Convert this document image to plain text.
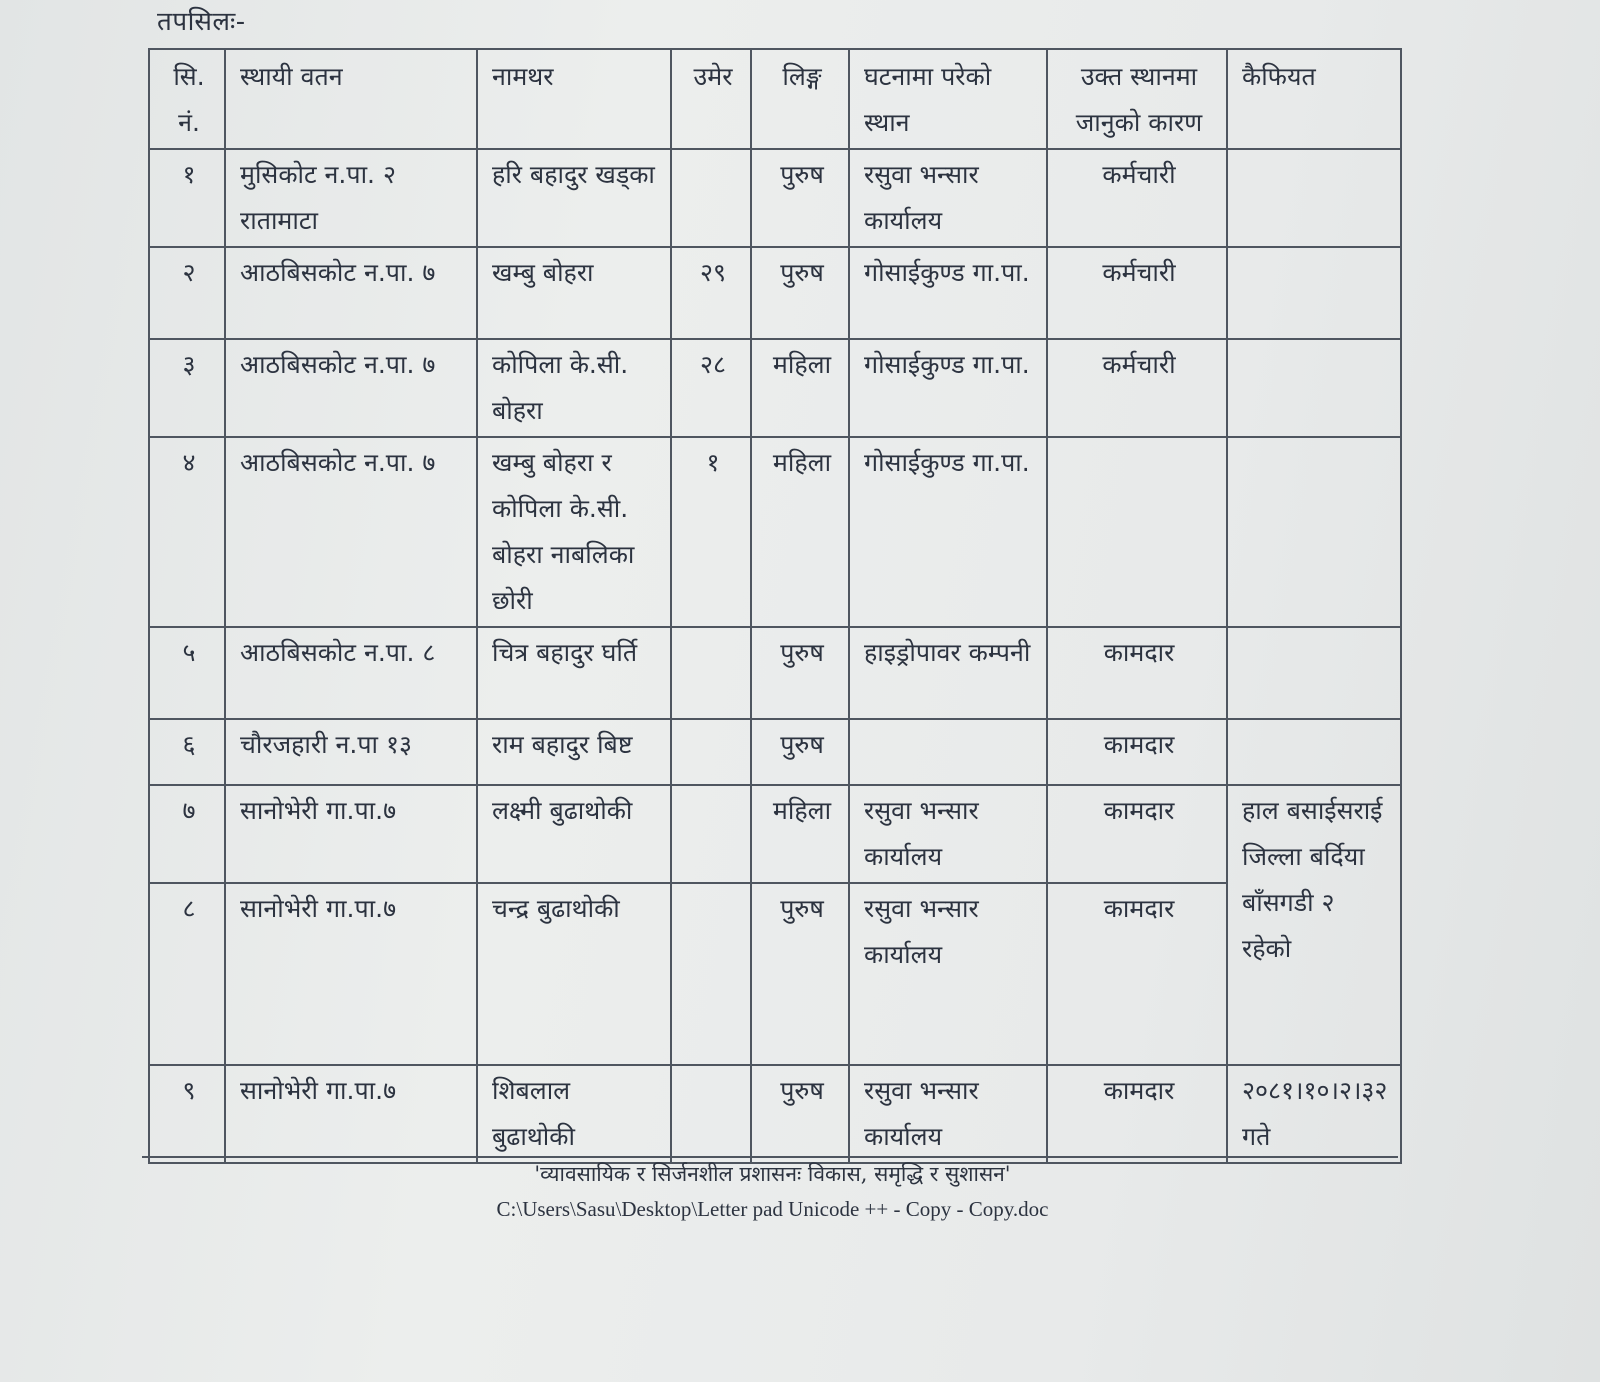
तपसिलः-
सि. नं.	स्थायी वतन	नामथर	उमेर	लिङ्ग	घटनामा परेको स्थान	उक्त स्थानमा जानुको कारण	कैफियत
१	मुसिकोट न.पा. २ रातामाटा	हरि बहादुर खड्का		पुरुष	रसुवा भन्सार कार्यालय	कर्मचारी	
२	आठबिसकोट न.पा. ७	खम्बु बोहरा	२९	पुरुष	गोसाईकुण्ड गा.पा.	कर्मचारी	
३	आठबिसकोट न.पा. ७	कोपिला के.सी. बोहरा	२८	महिला	गोसाईकुण्ड गा.पा.	कर्मचारी	
४	आठबिसकोट न.पा. ७	खम्बु बोहरा र कोपिला के.सी. बोहरा नाबलिका छोरी	१	महिला	गोसाईकुण्ड गा.पा.		
५	आठबिसकोट न.पा. ८	चित्र बहादुर घर्ति		पुरुष	हाइड्रोपावर कम्पनी	कामदार	
६	चौरजहारी न.पा १३	राम बहादुर बिष्ट		पुरुष		कामदार	
७	सानोभेरी गा.पा.७	लक्ष्मी बुढाथोकी		महिला	रसुवा भन्सार कार्यालय	कामदार	हाल बसाईसराई जिल्ला बर्दिया बाँसगडी २ रहेको
८	सानोभेरी गा.पा.७	चन्द्र बुढाथोकी		पुरुष	रसुवा भन्सार कार्यालय	कामदार	
९	सानोभेरी गा.पा.७	शिबलाल बुढाथोकी		पुरुष	रसुवा भन्सार कार्यालय	कामदार	२०८१।१०।२।३२ गते
'व्यावसायिक र सिर्जनशील प्रशासनः विकास, समृद्धि र सुशासन'
C:\Users\Sasu\Desktop\Letter pad Unicode ++ - Copy - Copy.doc
